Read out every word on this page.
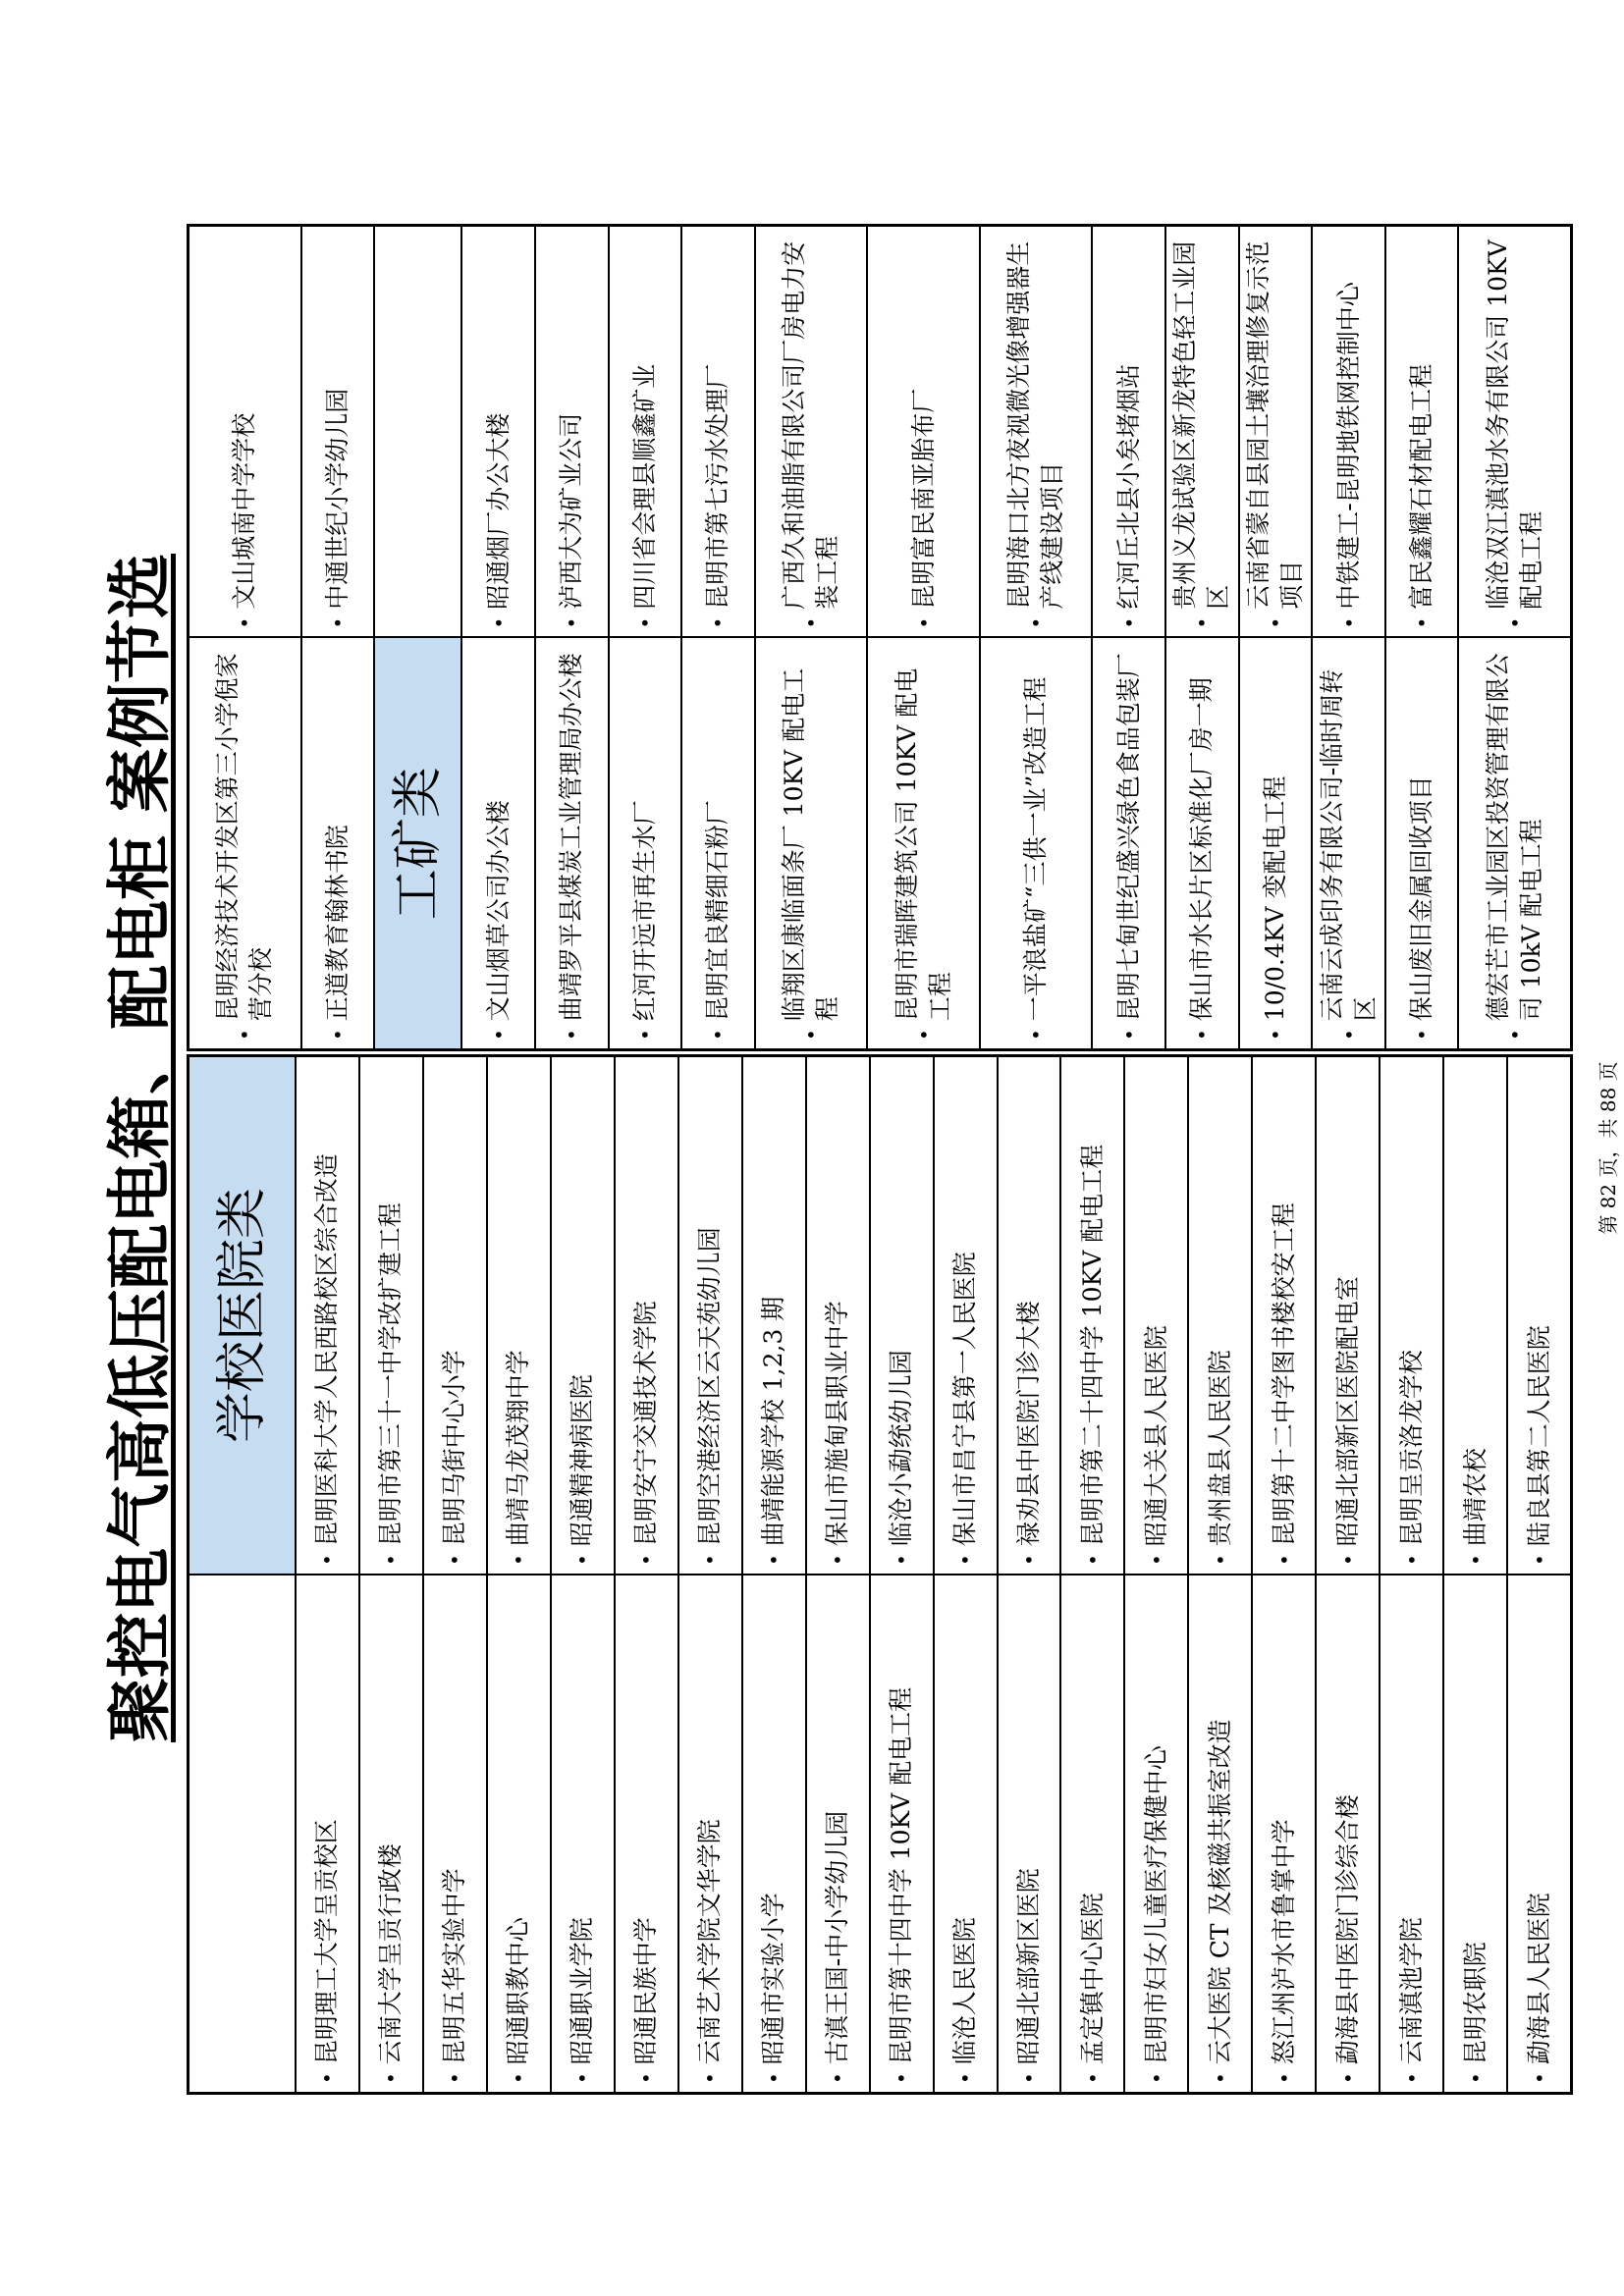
聚控电气高低压配电箱、配电柜 案例节选 学校医院类
•
昆明理工大学呈贡校区
•
昆明医科大学人民西路校区综合改造
•
云南大学呈贡行政楼
•
昆明市第三十一中学改扩建工程
•
昆明五华实验中学
•
昆明马街中心小学
•
昭通职教中心
•
曲靖马龙茂翔中学
•
昭通职业学院
•
昭通精神病医院
•
昭通民族中学
•
昆明安宁交通技术学院
•
云南艺术学院文华学院
•
昆明空港经济区云天苑幼儿园
•
昭通市实验小学
•
曲靖能源学校 1,2,3 期
•
古滇王国-中小学幼儿园
•
保山市施甸县职业中学
•
昆明市第十四中学 10KV 配电工程
•
临沧小勐统幼儿园
•
临沧人民医院
•
保山市昌宁县第一人民医院
•
昭通北部新区医院
•
禄劝县中医院门诊大楼
•
孟定镇中心医院
•
昆明市第二十四中学 10KV 配电工程
•
昆明市妇女儿童医疗保健中心
•
昭通大关县人民医院
•
云大医院 CT 及核磁共振室改造
•
贵州盘县人民医院
•
怒江州泸水市鲁掌中学
•
昆明第十二中学图书楼校安工程
•
勐海县中医院门诊综合楼
•
昭通北部新区医院配电室
•
云南滇池学院
•
昆明呈贡洛龙学校
•
昆明农职院
•
曲靖农校
•
勐海县人民医院
•
陆良县第二人民医院
•
昆明经济技术开发区第三小学倪家营分校
•
文山城南中学学校
•
正道教育翰林书院
•
中通世纪小学幼儿园
工矿类
•
文山烟草公司办公楼
•
昭通烟厂办公大楼
•
曲靖罗平县煤炭工业管理局办公楼
•
泸西大为矿业公司
•
红河开远市再生水厂
•
四川省会理县顺鑫矿业
•
昆明宜良精细石粉厂
•
昆明市第七污水处理厂
•
临翔区康临面条厂 10KV 配电工程
•
广西久和油脂有限公司厂房电力安装工程
•
昆明市瑞晖建筑公司 10KV 配电工程
•
昆明富民南亚胎布厂
•
一平浪盐矿“三供一业”改造工程
•
昆明海口北方夜视微光像增强器生产线建设项目
•
昆明七甸世纪盛兴绿色食品包装厂
•
红河丘北县小矣堵烟站
•
保山市水长片区标准化厂房一期
•
贵州义龙试验区新龙特色轻工业园区
•
10/0.4KV 变配电工程
•
云南省蒙自县园土壤治理修复示范项目
•
云南云成印务有限公司-临时周转区
•
中铁建工-昆明地铁网控制中心
•
保山废旧金属回收项目
•
富民鑫耀石材配电工程
•
德宏芒市工业园区投资管理有限公司 10kV 配电工程
•
临沧双江滇池水务有限公司 10KV 配电工程
第 82 页，共 88 页
